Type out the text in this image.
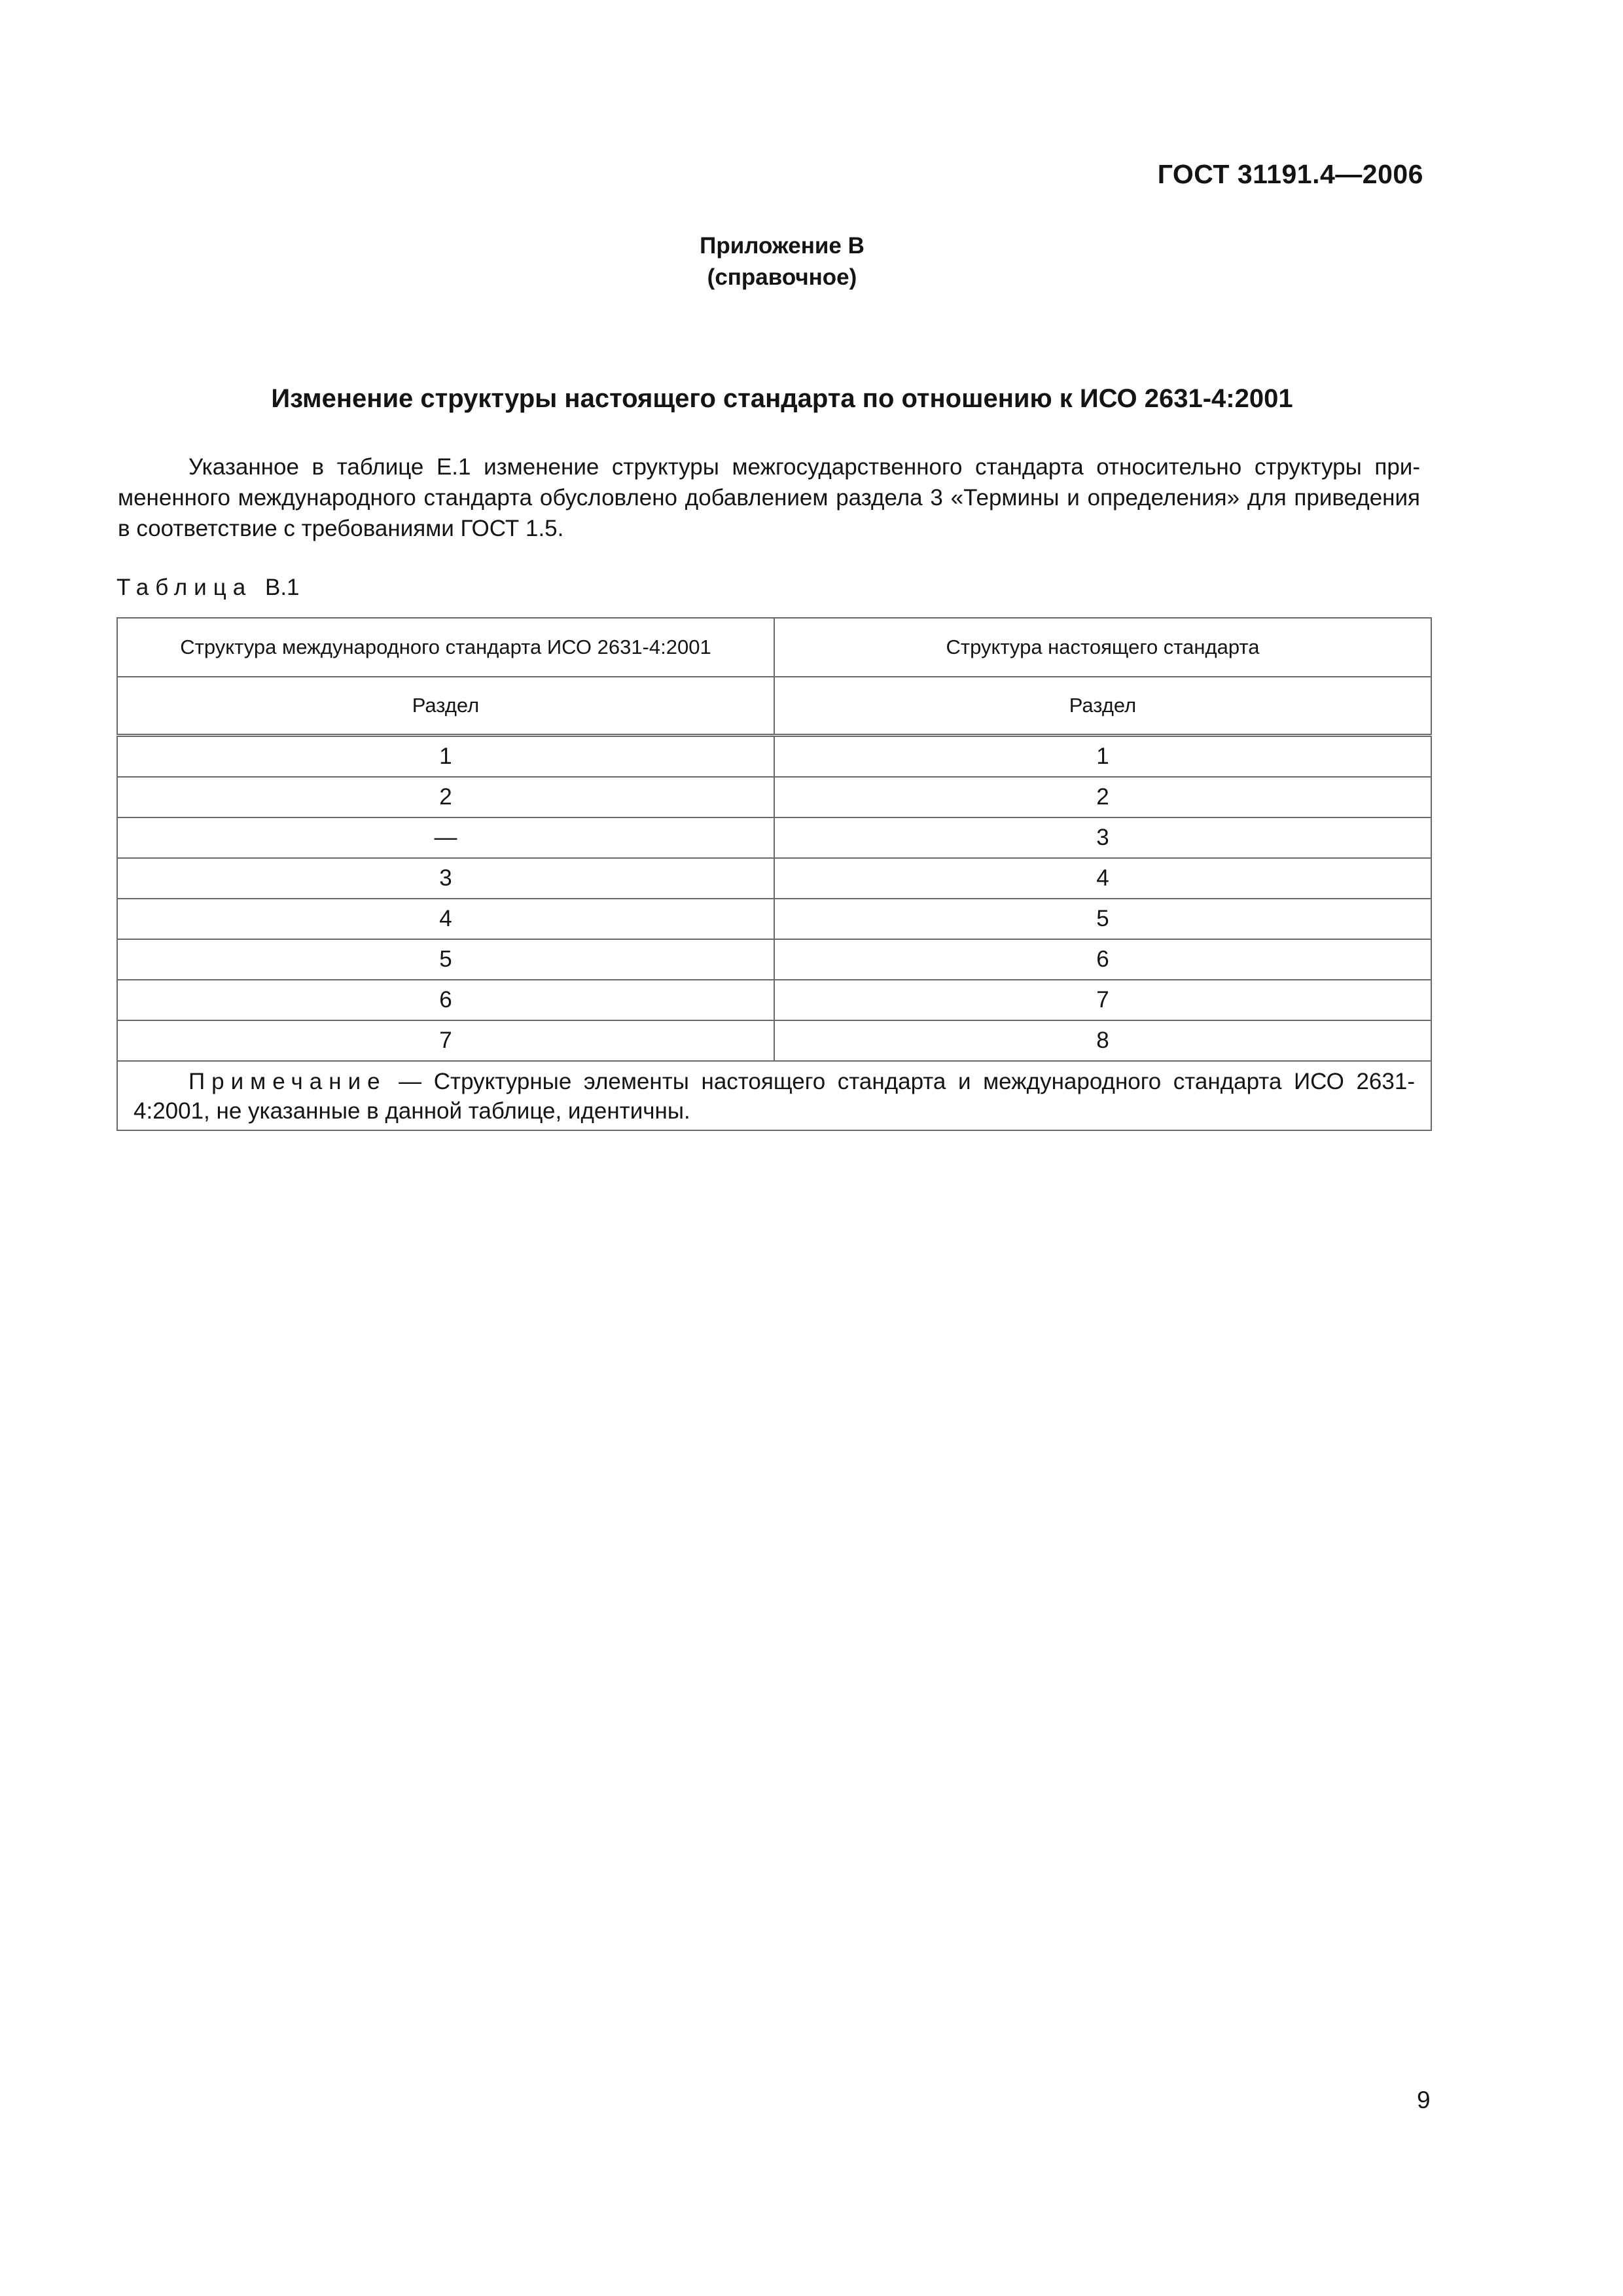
ГОСТ 31191.4—2006
Приложение В
(справочное)
Изменение структуры настоящего стандарта по отношению к ИСО 2631-4:2001
Указанное в таблице Е.1 изменение структуры межгосударственного стандарта относительно структуры примененного международного стандарта обусловлено добавлением раздела 3 «Термины и определения» для приведения в соответствие с требованиями ГОСТ 1.5.
Таблица В.1
Структура международного стандарта ИСО 2631-4:2001	Структура настоящего стандарта
Раздел	Раздел
1	1
2	2
—	3
3	4
4	5
5	6
6	7
7	8
Примечание — Структурные элементы настоящего стандарта и международного стандарта ИСО 2631-4:2001, не указанные в данной таблице, идентичны.	
9
